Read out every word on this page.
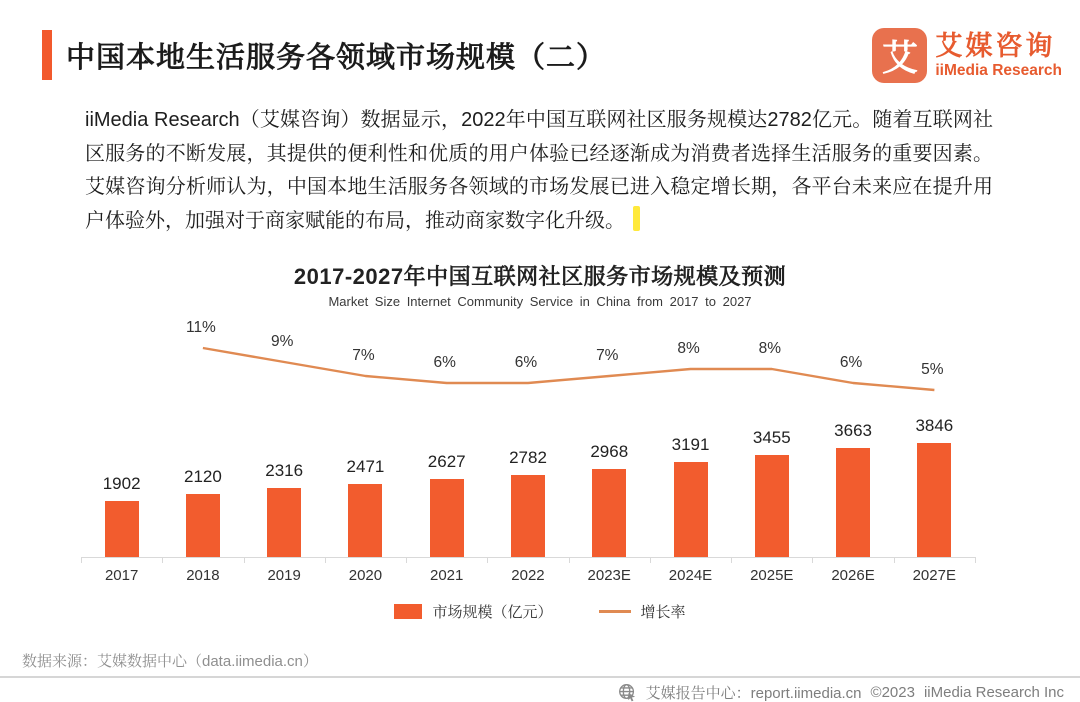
中国本地生活服务各领域市场规模（二）	艾 艾媒咨询
iiMedia Research

iiMedia Research（艾媒咨询）数据显示，2022年中国互联网社区服务规模达2782亿元。随着互联网社区服务的不断发展，其提供的便利性和优质的用户体验已经逐渐成为消费者选择生活服务的重要因素。艾媒咨询分析师认为，中国本地生活服务各领域的市场发展已进入稳定增长期，各平台未来应在提升用户体验外，加强对于商家赋能的布局，推动商家数字化升级。

2017-2027年中国互联网社区服务市场规模及预测
Market Size Internet Community Service in China from 2017 to 2027
1902	2120	2316	2471	2627	2782	2968	3191	3455	3663	3846
11%
9%
7%	6%	6%	7%	8%	8%
6%	5%
2017	2018	2019	2020	2021	2022	2023E	2024E	2025E	2026E	2027E
市场规模（亿元）	增长率
数据来源：艾媒数据中心（data.iimedia.cn）
艾媒报告中心：report.iimedia.cn ©2023 iiMedia Research Inc
